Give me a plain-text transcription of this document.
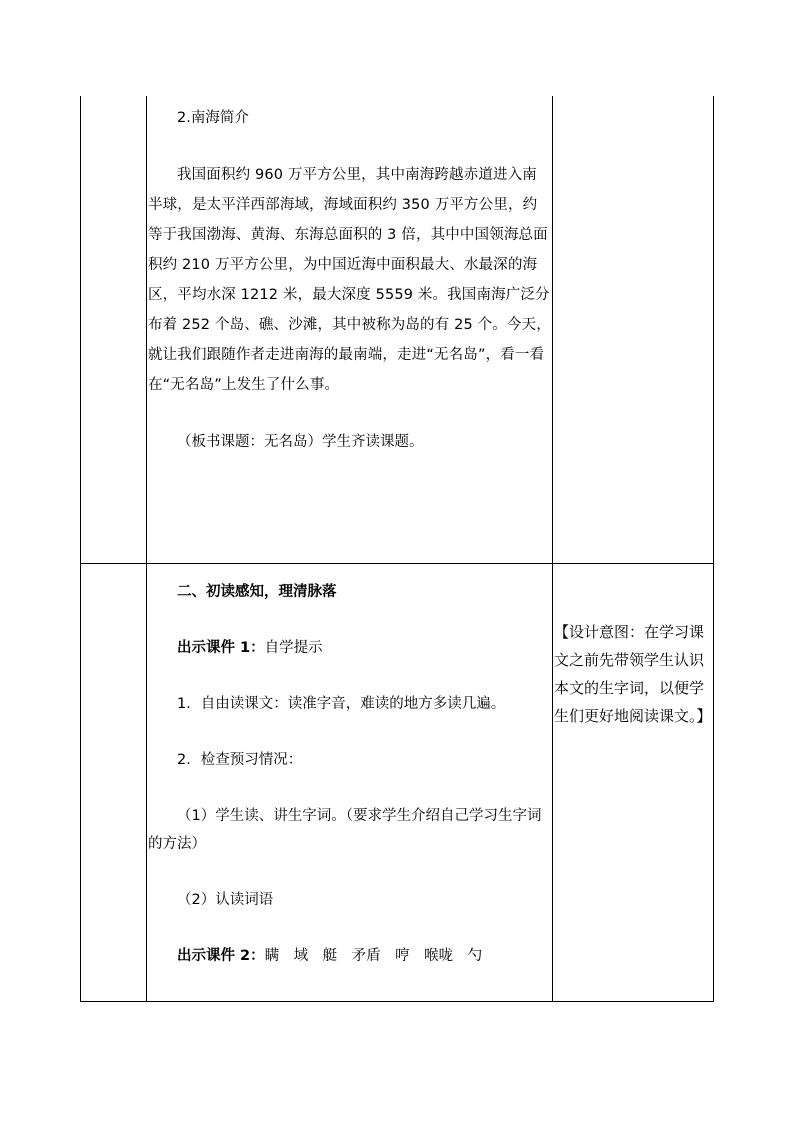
2.南海简介

我国面积约 960 万平方公里，其中南海跨越赤道进入南半球，是太平洋西部海域，海域面积约 350 万平方公里，约等于我国渤海、黄海、东海总面积的 3 倍，其中中国领海总面积约 210 万平方公里，为中国近海中面积最大、水最深的海区，平均水深 1212 米，最大深度 5559 米。我国南海广泛分布着 252 个岛、礁、沙滩，其中被称为岛的有 25 个。今天，就让我们跟随作者走进南海的最南端，走进“无名岛”，看一看在“无名岛”上发生了什么事。

（板书课题：无名岛）学生齐读课题。

二、初读感知，理清脉落

出示课件 1：自学提示

1．自由读课文：读准字音，难读的地方多读几遍。

2．检查预习情况：

（1）学生读、讲生字词。（要求学生介绍自己学习生字词的方法）

（2）认读词语

出示课件 2：瞒　域　艇　矛盾　哼　喉咙　勺

【设计意图：在学习课文之前先带领学生认识本文的生字词，以便学生们更好地阅读课文。】
